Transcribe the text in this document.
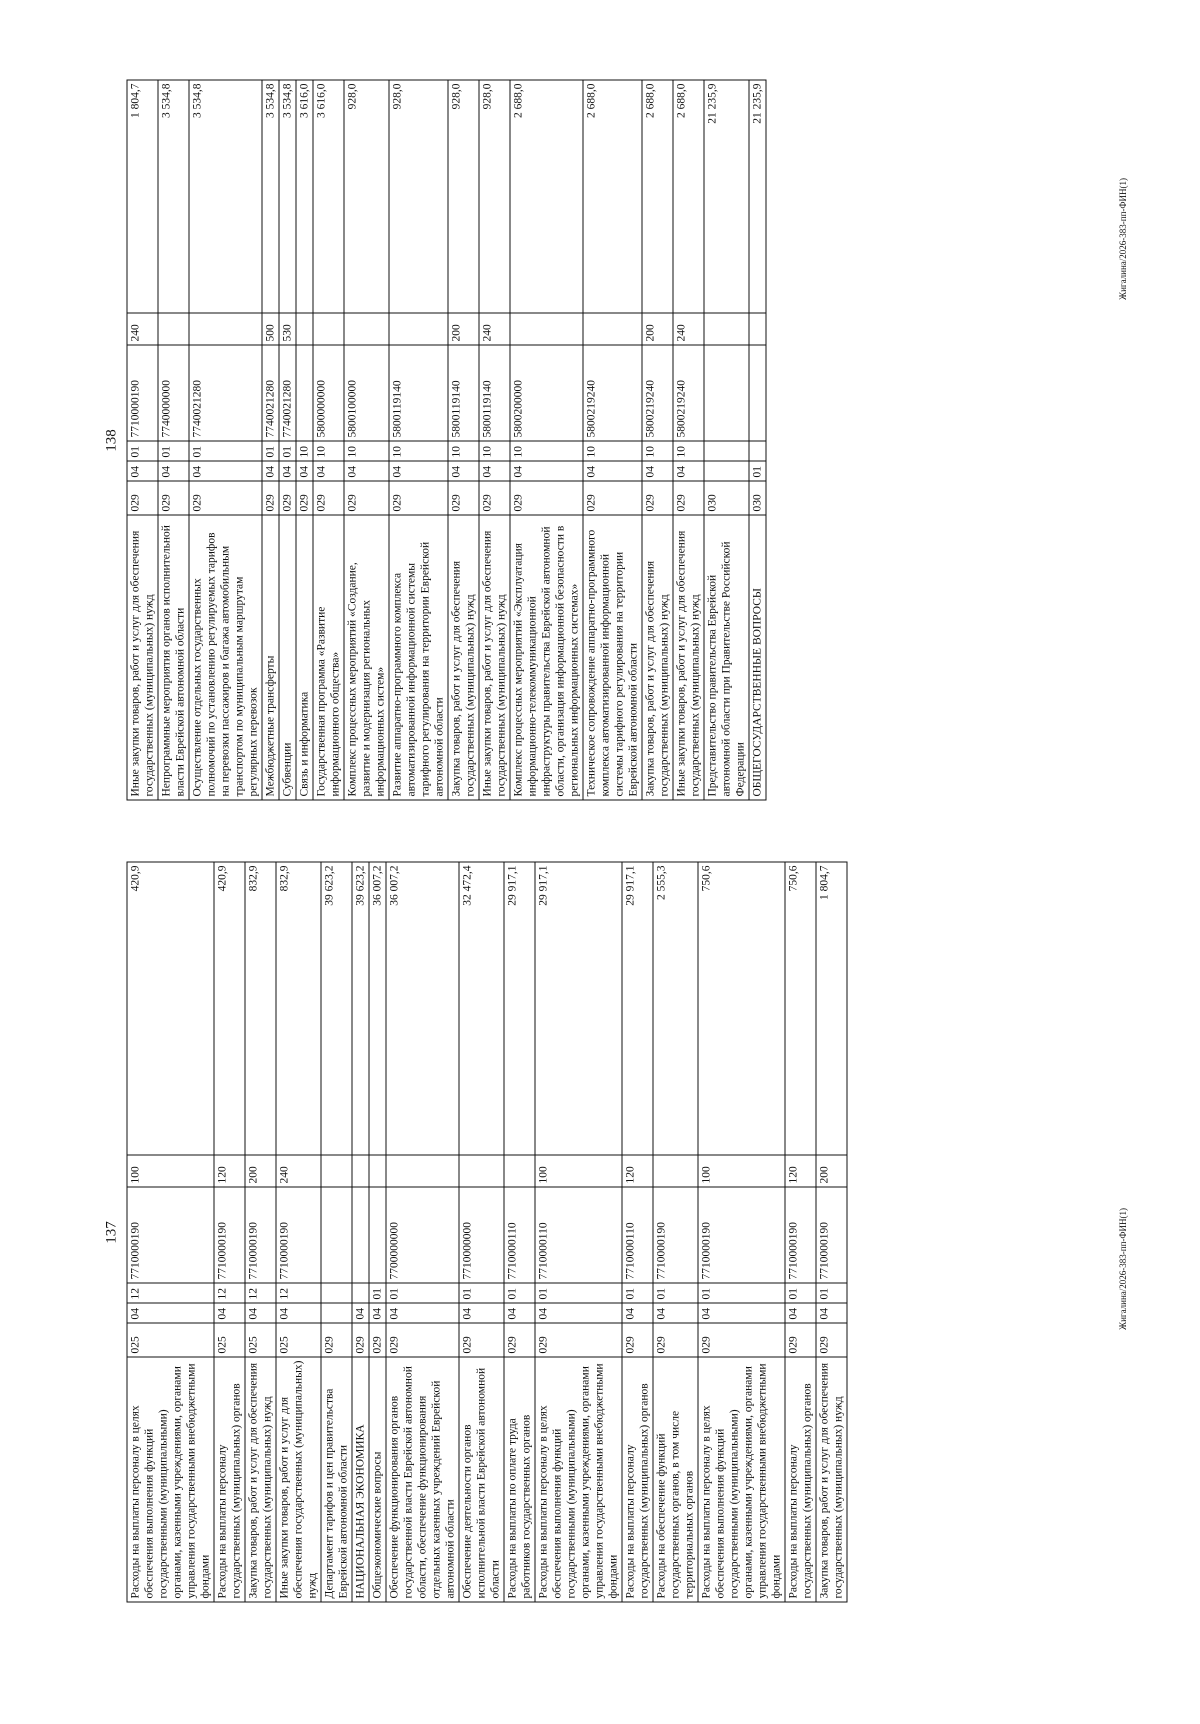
138
Иные закупки товаров, работ и услуг для обеспечения государственных (муниципальных) нужд	029	04	01	7710000190	240	1 804,7
Непрограммные мероприятия органов исполнительной власти Еврейской автономной области	029	04	01	7740000000		3 534,8
Осуществление отдельных государственных полномочий по установлению регулируемых тарифов на перевозки пассажиров и багажа автомобильным транспортом по муниципальным маршрутам регулярных перевозок	029	04	01	7740021280		3 534,8
Межбюджетные трансферты	029	04	01	7740021280	500	3 534,8
Субвенции	029	04	01	7740021280	530	3 534,8
Связь и информатика	029	04	10			3 616,0
Государственная программа «Развитие информационного общества»	029	04	10	5800000000		3 616,0
Комплекс процессных мероприятий «Создание, развитие и модернизация региональных информационных систем»	029	04	10	5800100000		928,0
Развитие аппаратно-программного комплекса автоматизированной информационной системы тарифного регулирования на территории Еврейской автономной области	029	04	10	5800119140		928,0
Закупка товаров, работ и услуг для обеспечения государственных (муниципальных) нужд	029	04	10	5800119140	200	928,0
Иные закупки товаров, работ и услуг для обеспечения государственных (муниципальных) нужд	029	04	10	5800119140	240	928,0
Комплекс процессных мероприятий «Эксплуатация информационно-телекоммуникационной инфраструктуры правительства Еврейской автономной области, организация информационной безопасности в региональных информационных системах»	029	04	10	5800200000		2 688,0
Техническое сопровождение аппаратно-программного комплекса автоматизированной информационной системы тарифного регулирования на территории Еврейской автономной области	029	04	10	5800219240		2 688,0
Закупка товаров, работ и услуг для обеспечения государственных (муниципальных) нужд	029	04	10	5800219240	200	2 688,0
Иные закупки товаров, работ и услуг для обеспечения государственных (муниципальных) нужд	029	04	10	5800219240	240	2 688,0
Представительство правительства Еврейской автономной области при Правительстве Российской Федерации	030					21 235,9
ОБЩЕГОСУДАРСТВЕННЫЕ ВОПРОСЫ	030	01				21 235,9
137
Расходы на выплаты персоналу в целях обеспечения выполнения функций государственными (муниципальными) органами, казенными учреждениями, органами управления государственными внебюджетными фондами	025	04	12	7710000190	100	420,9
Расходы на выплаты персоналу государственных (муниципальных) органов	025	04	12	7710000190	120	420,9
Закупка товаров, работ и услуг для обеспечения государственных (муниципальных) нужд	025	04	12	7710000190	200	832,9
Иные закупки товаров, работ и услуг для обеспечения государственных (муниципальных) нужд	025	04	12	7710000190	240	832,9
Департамент тарифов и цен правительства Еврейской автономной области	029					39 623,2
НАЦИОНАЛЬНАЯ ЭКОНОМИКА	029	04				39 623,2
Общеэкономические вопросы	029	04	01			36 007,2
Обеспечение функционирования органов государственной власти Еврейской автономной области, обеспечение функционирования отдельных казенных учреждений Еврейской автономной области	029	04	01	7700000000		36 007,2
Обеспечение деятельности органов исполнительной власти Еврейской автономной области	029	04	01	7710000000		32 472,4
Расходы на выплаты по оплате труда работников государственных органов	029	04	01	7710000110		29 917,1
Расходы на выплаты персоналу в целях обеспечения выполнения функций государственными (муниципальными) органами, казенными учреждениями, органами управления государственными внебюджетными фондами	029	04	01	7710000110	100	29 917,1
Расходы на выплаты персоналу государственных (муниципальных) органов	029	04	01	7710000110	120	29 917,1
Расходы на обеспечение функций государственных органов, в том числе территориальных органов	029	04	01	7710000190		2 555,3
Расходы на выплаты персоналу в целях обеспечения выполнения функций государственными (муниципальными) органами, казенными учреждениями, органами управления государственными внебюджетными фондами	029	04	01	7710000190	100	750,6
Расходы на выплаты персоналу государственных (муниципальных) органов	029	04	01	7710000190	120	750,6
Закупка товаров, работ и услуг для обеспечения государственных (муниципальных) нужд	029	04	01	7710000190	200	1 804,7
Жигалина/2026-383-пп-ФИН(1)
Жигалина/2026-383-пп-ФИН(1)
